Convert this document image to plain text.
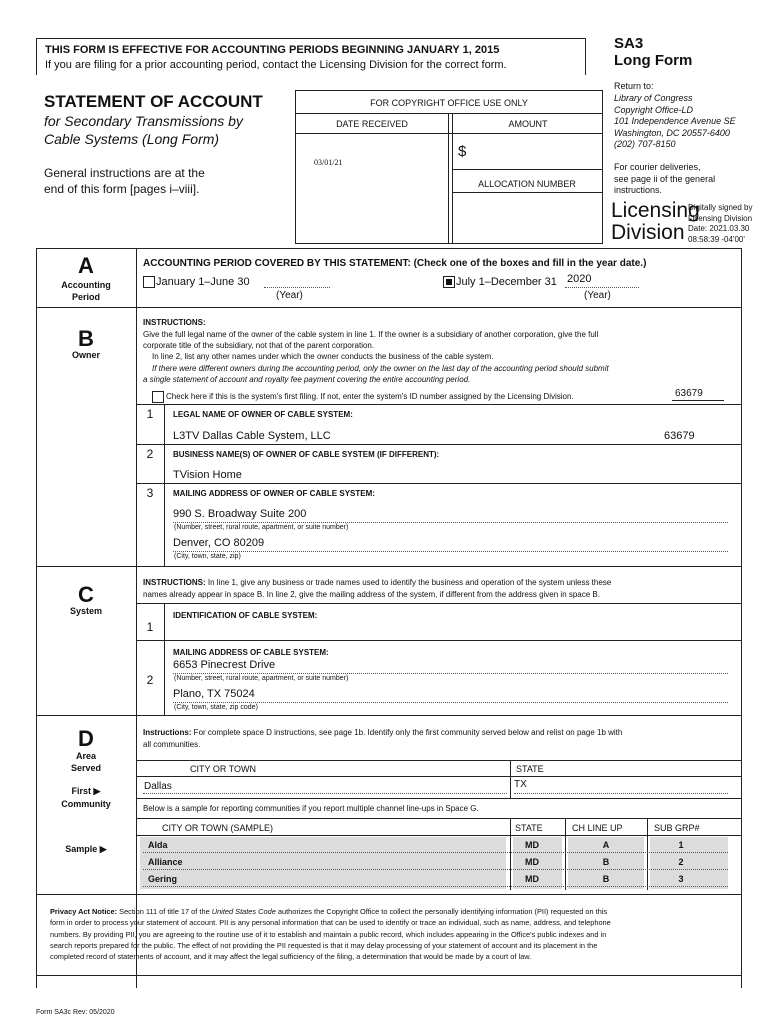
THIS FORM IS EFFECTIVE FOR ACCOUNTING PERIODS BEGINNING JANUARY 1, 2015
If you are filing for a prior accounting period, contact the Licensing Division for the correct form.
SA3
Long Form
STATEMENT OF ACCOUNT
for Secondary Transmissions by
Cable Systems (Long Form)
General instructions are at the
end of this form [pages i–viii].
FOR COPYRIGHT OFFICE USE ONLY
DATE RECEIVED	AMOUNT
$
03/01/21
ALLOCATION NUMBER
Return to:
Library of Congress
Copyright Office-LD
101 Independence Avenue SE
Washington, DC 20557-6400
(202) 707-8150
For courier deliveries,
see page ii of the general
instructions.
Licensing
Division
Digitally signed by
Licensing Division
Date: 2021.03.30
08:58:39 -04'00'
A
Accounting
Period
ACCOUNTING PERIOD COVERED BY THIS STATEMENT: (Check one of the boxes and fill in the year date.)
January 1–June 30
(Year)
July 1–December 31 2020
(Year)
B
Owner
INSTRUCTIONS:
Give the full legal name of the owner of the cable system in line 1. If the owner is a subsidiary of another corporation, give the full
corporate title of the subsidiary, not that of the parent corporation.
In line 2, list any other names under which the owner conducts the business of the cable system.
If there were different owners during the accounting period, only the owner on the last day of the accounting period should submit
a single statement of account and royalty fee payment covering the entire accounting period.
Check here if this is the system's first filing. If not, enter the system's ID number assigned by the Licensing Division.	63679
1	LEGAL NAME OF OWNER OF CABLE SYSTEM:
L3TV Dallas Cable System, LLC	63679
2	BUSINESS NAME(S) OF OWNER OF CABLE SYSTEM (IF DIFFERENT):
TVision Home
3	MAILING ADDRESS OF OWNER OF CABLE SYSTEM:
990 S. Broadway Suite 200
(Number, street, rural route, apartment, or suite number)
Denver, CO 80209
(City, town, state, zip)
C
System
INSTRUCTIONS: In line 1, give any business or trade names used to identify the business and operation of the system unless these
names already appear in space B. In line 2, give the mailing address of the system, if different from the address given in space B.
1
IDENTIFICATION OF CABLE SYSTEM:
2
MAILING ADDRESS OF CABLE SYSTEM:
6653 Pinecrest Drive
(Number, street, rural route, apartment, or suite number)
Plano, TX 75024
(City, town, state, zip code)
D
Area
Served
First ▶
Community
Sample ▶
Instructions: For complete space D instructions, see page 1b. Identify only the first community served below and relist on page 1b with
all communities.
CITY OR TOWN	STATE
Dallas	TX
Below is a sample for reporting communities if you report multiple channel line-ups in Space G.
CITY OR TOWN (SAMPLE)	STATE	CH LINE UP	SUB GRP#
Alda	MD	A	1
Alliance	MD	B	2
Gering	MD	B	3
Privacy Act Notice: Section 111 of title 17 of the United States Code authorizes the Copyright Office to collect the personally identifying information (PII) requested on this
form in order to process your statement of account. PII is any personal information that can be used to identify or trace an individual, such as name, address, and telephone
numbers. By providing PII, you are agreeing to the routine use of it to establish and maintain a public record, which includes appearing in the Office's public indexes and in
search reports prepared for the public. The effect of not providing the PII requested is that it may delay processing of your statement of account and its placement in the
completed record of statements of account, and it may affect the legal sufficiency of the filing, a determination that would be made by a court of law.
Form SA3c Rev: 05/2020
